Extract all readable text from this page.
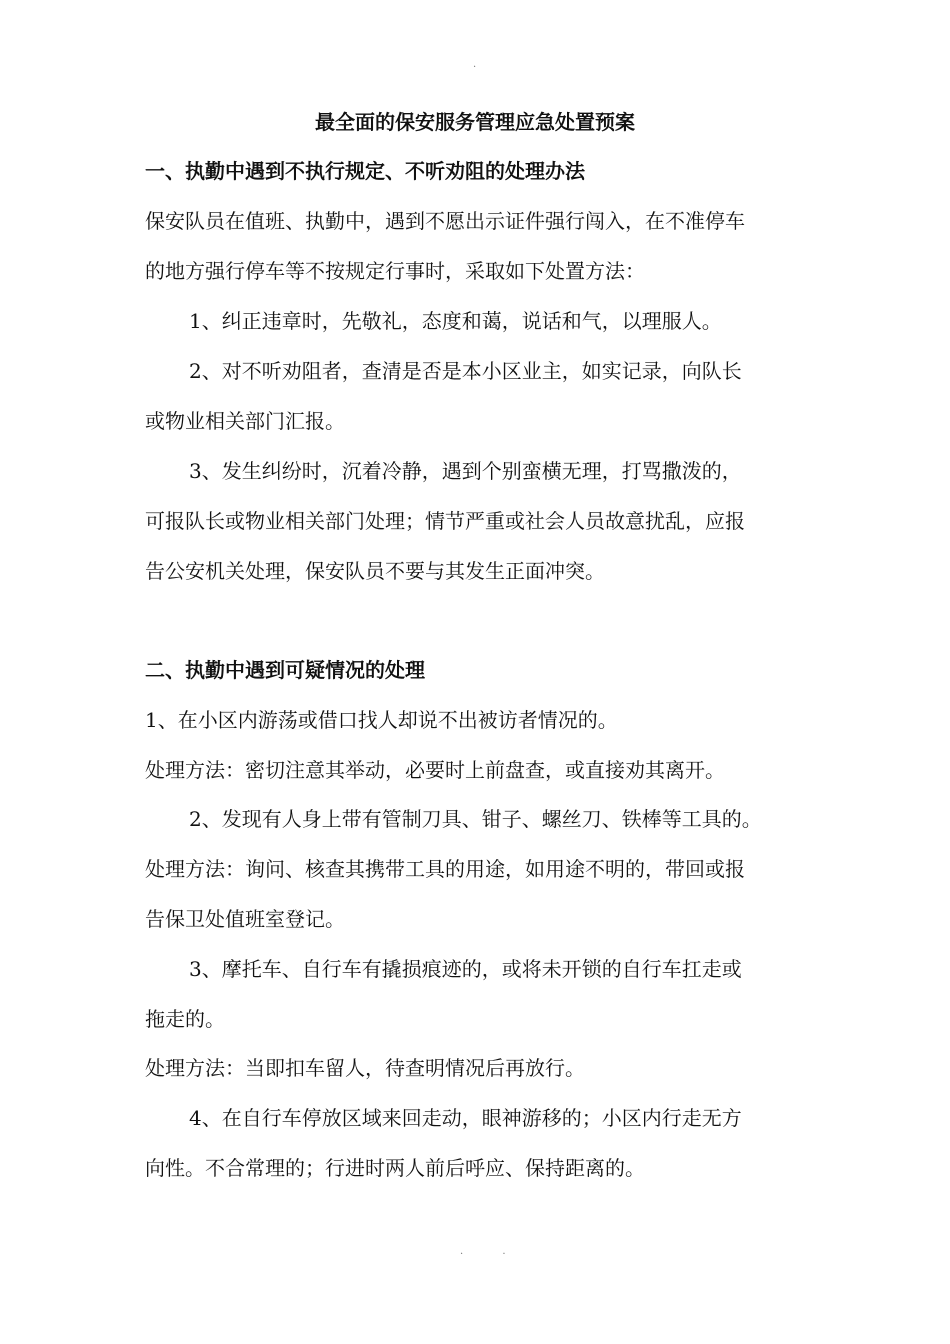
.
最全面的保安服务管理应急处置预案
一、执勤中遇到不执行规定、不听劝阻的处理办法
保安队员在值班、执勤中，遇到不愿出示证件强行闯入，在不准停车
的地方强行停车等不按规定行事时，采取如下处置方法：
1、纠正违章时，先敬礼，态度和蔼，说话和气，以理服人。
2、对不听劝阻者，查清是否是本小区业主，如实记录，向队长
或物业相关部门汇报。
3、发生纠纷时，沉着冷静，遇到个别蛮横无理，打骂撒泼的，
可报队长或物业相关部门处理；情节严重或社会人员故意扰乱，应报
告公安机关处理，保安队员不要与其发生正面冲突。
二、执勤中遇到可疑情况的处理
1、在小区内游荡或借口找人却说不出被访者情况的。
处理方法：密切注意其举动，必要时上前盘查，或直接劝其离开。
2、发现有人身上带有管制刀具、钳子、螺丝刀、铁棒等工具的。
处理方法：询问、核查其携带工具的用途，如用途不明的，带回或报
告保卫处值班室登记。
3、摩托车、自行车有撬损痕迹的，或将未开锁的自行车扛走或
拖走的。
处理方法：当即扣车留人，待查明情况后再放行。
4、在自行车停放区域来回走动，眼神游移的；小区内行走无方
向性。不合常理的；行进时两人前后呼应、保持距离的。
. .
